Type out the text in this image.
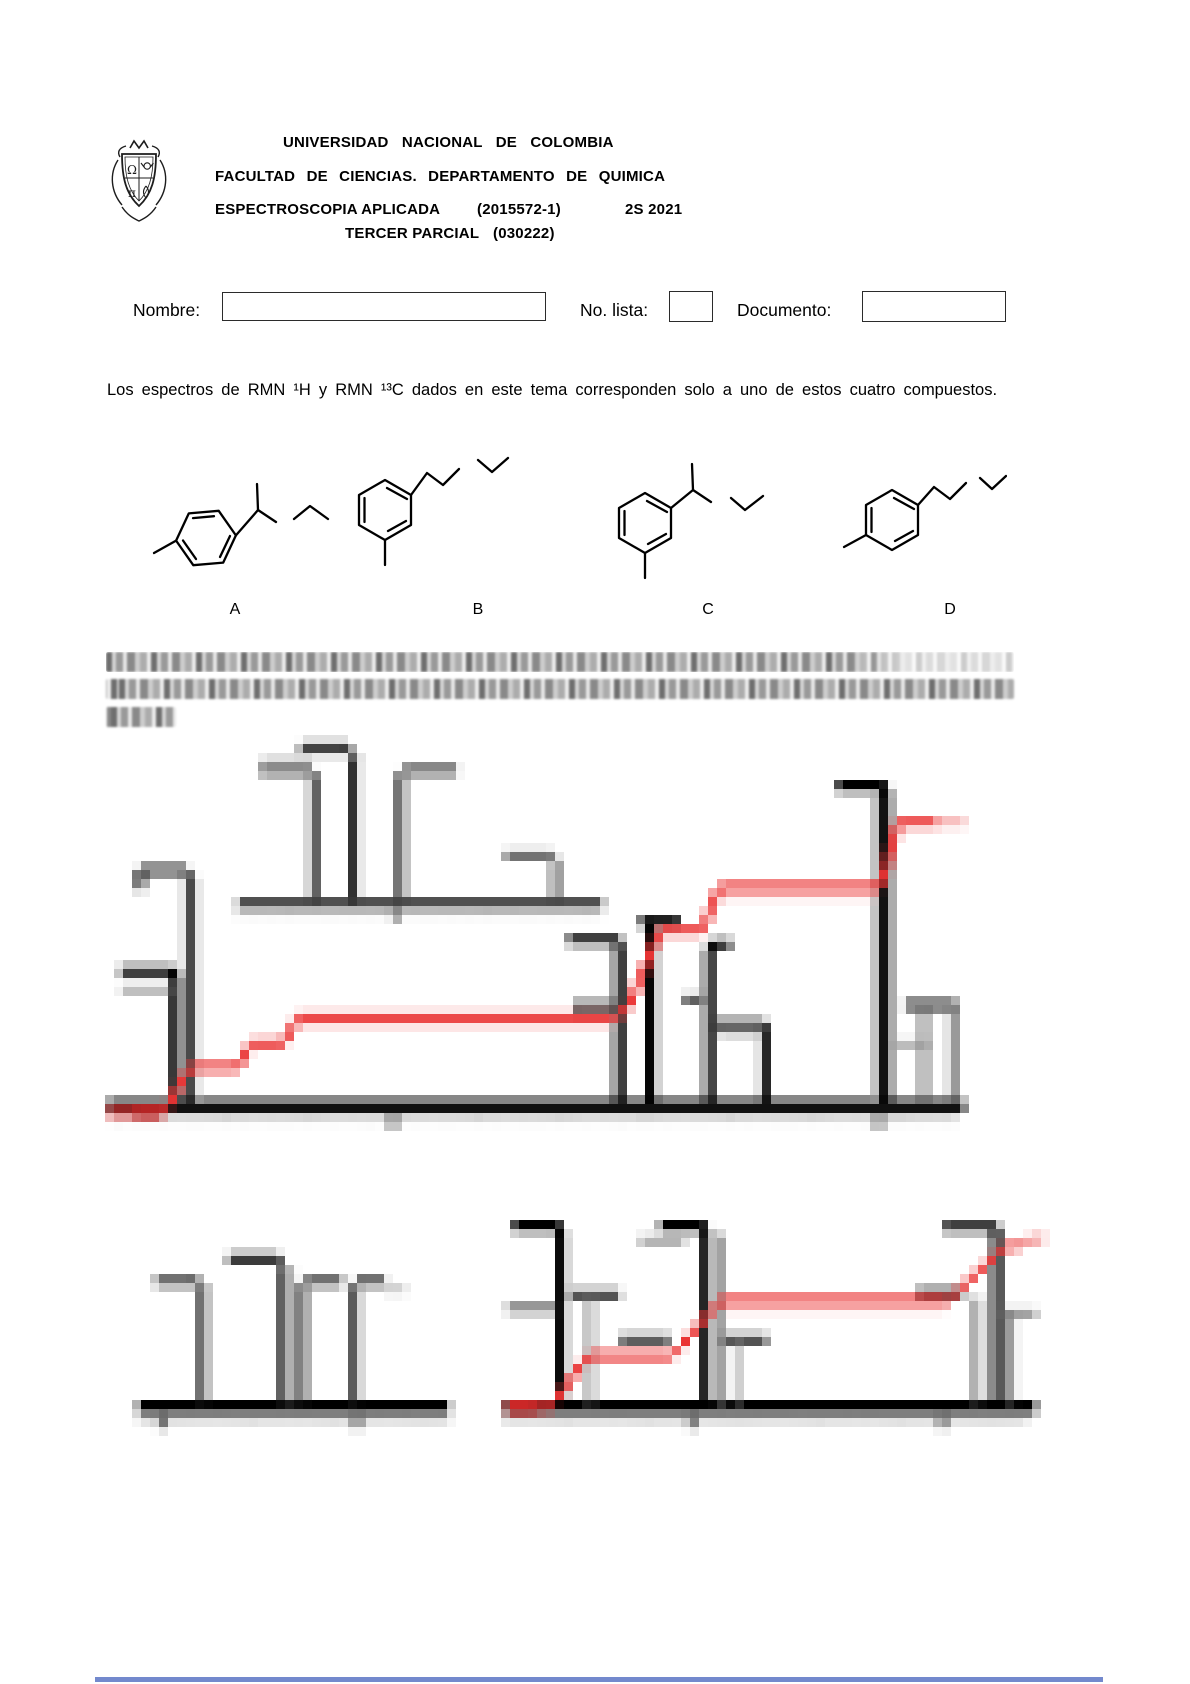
Ω
π
UNIVERSIDAD NACIONAL DE COLOMBIA
FACULTAD DE CIENCIAS. DEPARTAMENTO DE QUIMICA
ESPECTROSCOPIA APLICADA (2015572-1)	2S 2021
TERCER PARCIAL (030222)
Nombre:	No. lista:	Documento:

Los espectros de RMN ¹H y RMN ¹³C dados en este tema corresponden solo a uno de estos cuatro compuestos.

A	B	C	D
